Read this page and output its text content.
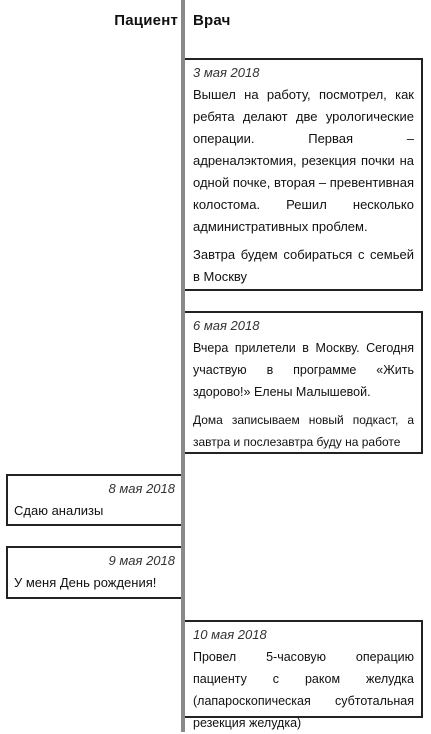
Пациент Врач
3 мая 2018
Вышел на работу, посмотрел, как ребята делают две урологические операции. Первая – адреналэктомия, резекция почки на одной почке, вторая – превентивная колостома. Решил несколько административных проблем.
Завтра будем собираться с семьей в Москву
6 мая 2018
Вчера прилетели в Москву. Сегодня участвую в программе «Жить здорово!» Елены Малышевой.
Дома записываем новый подкаст, а завтра и послезавтра буду на работе
8 мая 2018
Сдаю анализы
9 мая 2018
У меня День рождения!
10 мая 2018
Провел 5-часовую операцию пациенту с раком желудка (лапароскопическая субтотальная резекция желудка)
